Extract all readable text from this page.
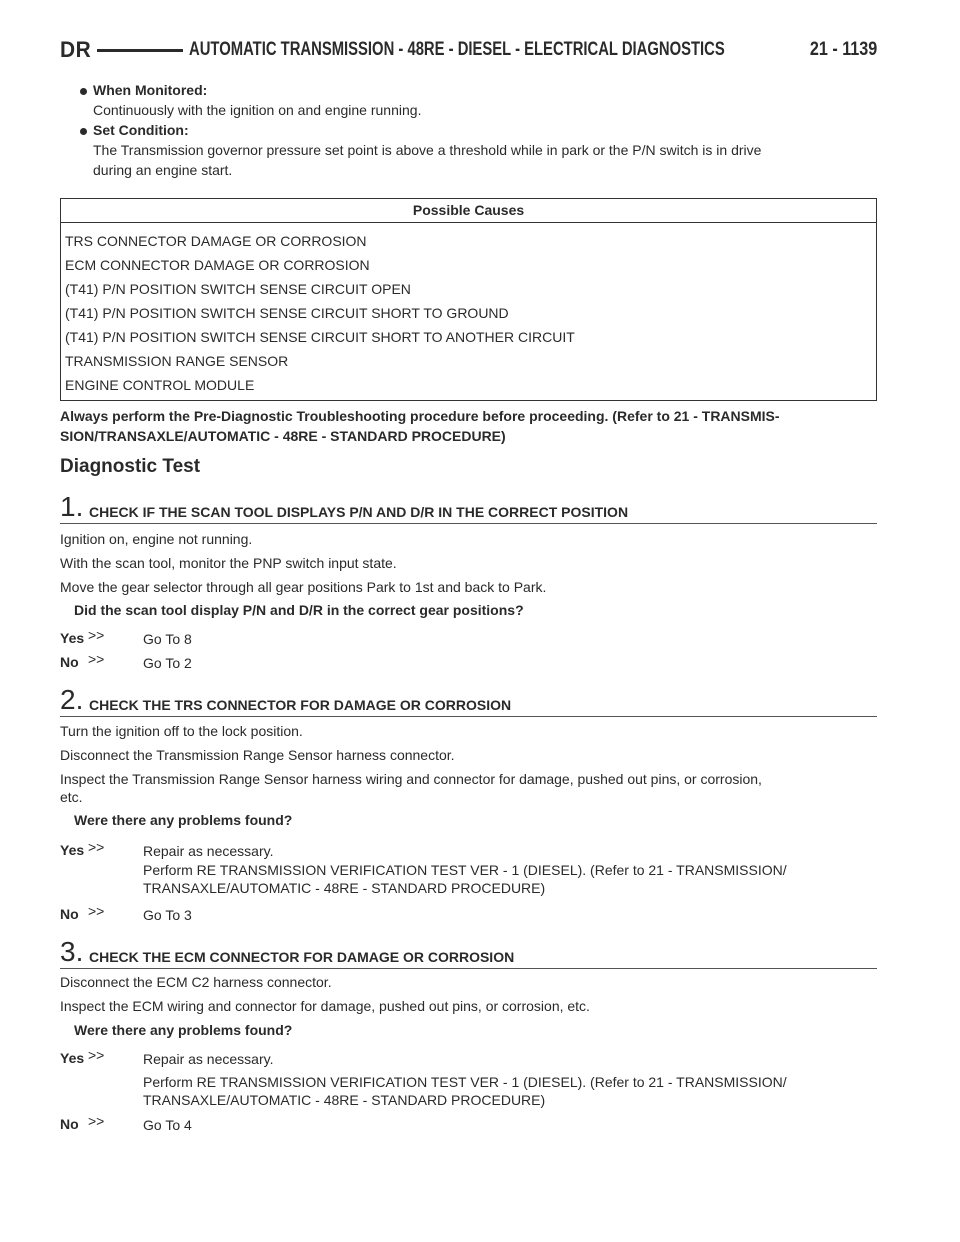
DR	AUTOMATIC TRANSMISSION - 48RE - DIESEL - ELECTRICAL DIAGNOSTICS	21 - 1139
When Monitored:
Continuously with the ignition on and engine running.
Set Condition:
The Transmission governor pressure set point is above a threshold while in park or the P/N switch is in drive
during an engine start.
Possible Causes
TRS CONNECTOR DAMAGE OR CORROSION
ECM CONNECTOR DAMAGE OR CORROSION
(T41) P/N POSITION SWITCH SENSE CIRCUIT OPEN
(T41) P/N POSITION SWITCH SENSE CIRCUIT SHORT TO GROUND
(T41) P/N POSITION SWITCH SENSE CIRCUIT SHORT TO ANOTHER CIRCUIT
TRANSMISSION RANGE SENSOR
ENGINE CONTROL MODULE
Always perform the Pre-Diagnostic Troubleshooting procedure before proceeding. (Refer to 21 - TRANSMIS-
SION/TRANSAXLE/AUTOMATIC - 48RE - STANDARD PROCEDURE)
Diagnostic Test
1. CHECK IF THE SCAN TOOL DISPLAYS P/N AND D/R IN THE CORRECT POSITION
Ignition on, engine not running.
With the scan tool, monitor the PNP switch input state.
Move the gear selector through all gear positions Park to 1st and back to Park.
Did the scan tool display P/N and D/R in the correct gear positions?
Yes >>	Go To 8
No >>	Go To 2
2. CHECK THE TRS CONNECTOR FOR DAMAGE OR CORROSION
Turn the ignition off to the lock position.
Disconnect the Transmission Range Sensor harness connector.
Inspect the Transmission Range Sensor harness wiring and connector for damage, pushed out pins, or corrosion,
etc.
Were there any problems found?
Yes >>	Repair as necessary.
Perform RE TRANSMISSION VERIFICATION TEST VER - 1 (DIESEL). (Refer to 21 - TRANSMISSION/
TRANSAXLE/AUTOMATIC - 48RE - STANDARD PROCEDURE)
No >>	Go To 3
3. CHECK THE ECM CONNECTOR FOR DAMAGE OR CORROSION
Disconnect the ECM C2 harness connector.
Inspect the ECM wiring and connector for damage, pushed out pins, or corrosion, etc.
Were there any problems found?
Yes >>	Repair as necessary.
Perform RE TRANSMISSION VERIFICATION TEST VER - 1 (DIESEL). (Refer to 21 - TRANSMISSION/
TRANSAXLE/AUTOMATIC - 48RE - STANDARD PROCEDURE)
No >>	Go To 4
